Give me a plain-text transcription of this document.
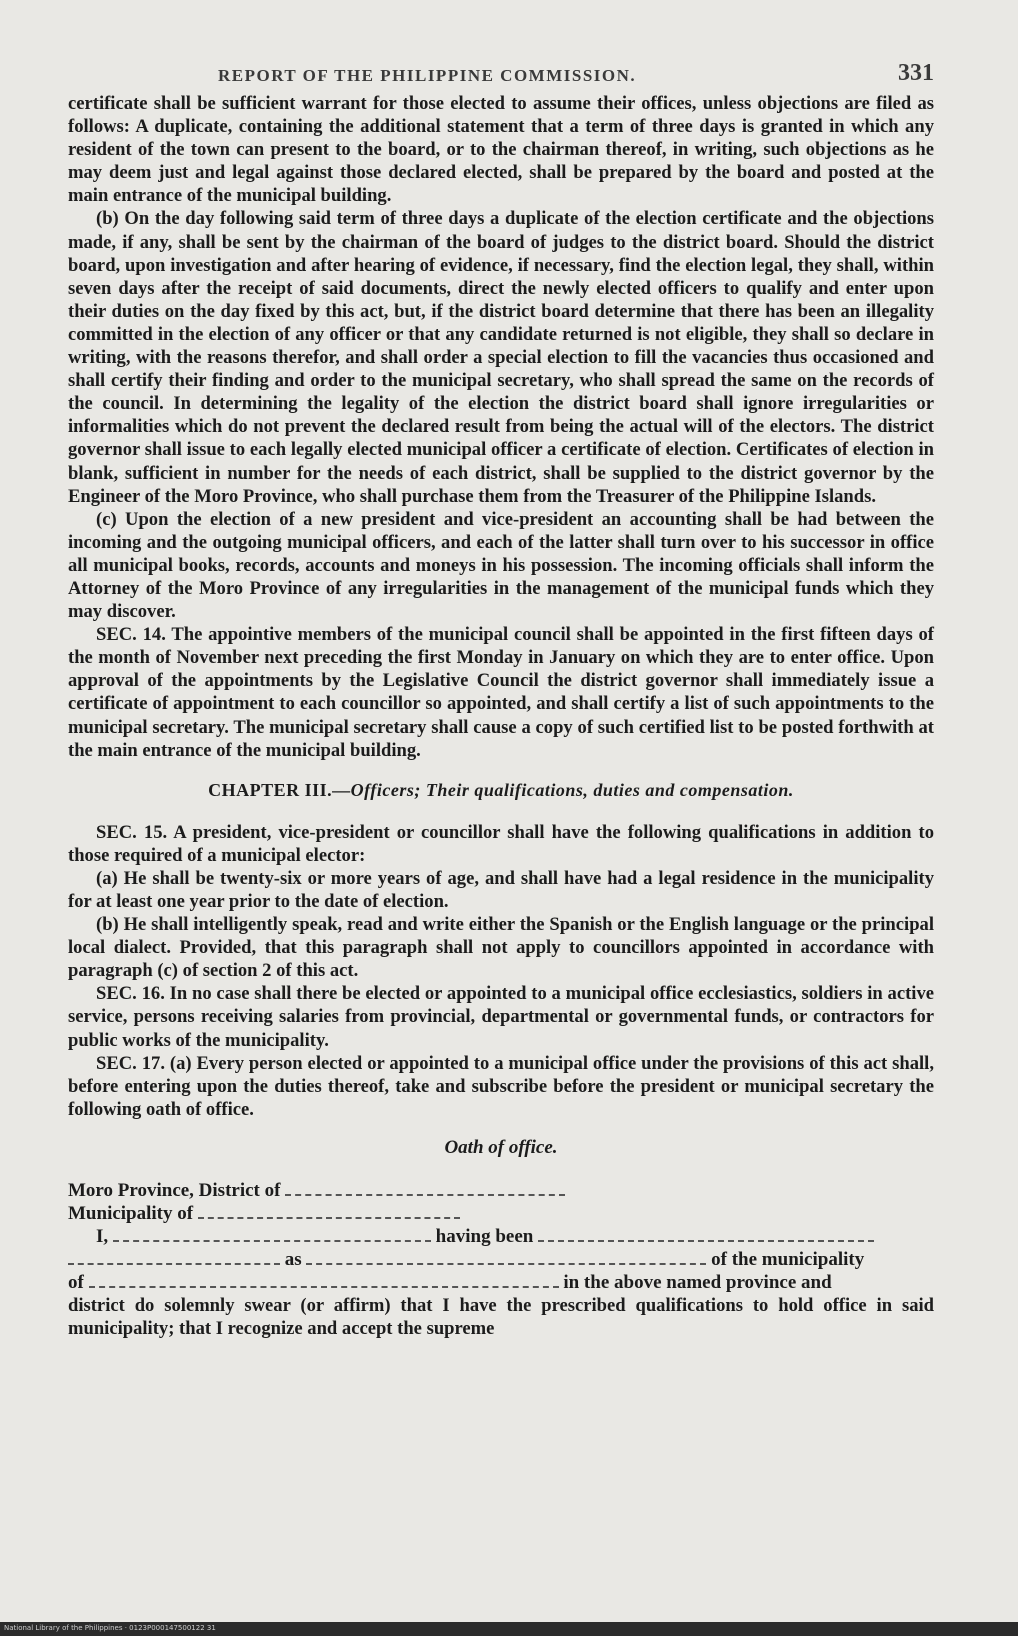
REPORT OF THE PHILIPPINE COMMISSION.	331

certificate shall be sufficient warrant for those elected to assume their offices, unless objections are filed as follows: A duplicate, containing the additional statement that a term of three days is granted in which any resident of the town can present to the board, or to the chairman thereof, in writing, such objections as he may deem just and legal against those declared elected, shall be prepared by the board and posted at the main entrance of the municipal building.

(b) On the day following said term of three days a duplicate of the election certificate and the objections made, if any, shall be sent by the chairman of the board of judges to the district board. Should the district board, upon investigation and after hearing of evidence, if necessary, find the election legal, they shall, within seven days after the receipt of said documents, direct the newly elected officers to qualify and enter upon their duties on the day fixed by this act, but, if the district board determine that there has been an illegality committed in the election of any officer or that any candidate returned is not eligible, they shall so declare in writing, with the reasons therefor, and shall order a special election to fill the vacancies thus occasioned and shall certify their finding and order to the municipal secretary, who shall spread the same on the records of the council. In determining the legality of the election the district board shall ignore irregularities or informalities which do not prevent the declared result from being the actual will of the electors. The district governor shall issue to each legally elected municipal officer a certificate of election. Certificates of election in blank, sufficient in number for the needs of each district, shall be supplied to the district governor by the Engineer of the Moro Province, who shall purchase them from the Treasurer of the Philippine Islands.

(c) Upon the election of a new president and vice-president an accounting shall be had between the incoming and the outgoing municipal officers, and each of the latter shall turn over to his successor in office all municipal books, records, accounts and moneys in his possession. The incoming officials shall inform the Attorney of the Moro Province of any irregularities in the management of the municipal funds which they may discover.

SEC. 14. The appointive members of the municipal council shall be appointed in the first fifteen days of the month of November next preceding the first Monday in January on which they are to enter office. Upon approval of the appointments by the Legislative Council the district governor shall immediately issue a certificate of appointment to each councillor so appointed, and shall certify a list of such appointments to the municipal secretary. The municipal secretary shall cause a copy of such certified list to be posted forthwith at the main entrance of the municipal building.

CHAPTER III.—Officers; Their qualifications, duties and compensation.

SEC. 15. A president, vice-president or councillor shall have the following qualifications in addition to those required of a municipal elector:

(a) He shall be twenty-six or more years of age, and shall have had a legal residence in the municipality for at least one year prior to the date of election.

(b) He shall intelligently speak, read and write either the Spanish or the English language or the principal local dialect. Provided, that this paragraph shall not apply to councillors appointed in accordance with paragraph (c) of section 2 of this act.

SEC. 16. In no case shall there be elected or appointed to a municipal office ecclesiastics, soldiers in active service, persons receiving salaries from provincial, departmental or governmental funds, or contractors for public works of the municipality.

SEC. 17. (a) Every person elected or appointed to a municipal office under the provisions of this act shall, before entering upon the duties thereof, take and subscribe before the president or municipal secretary the following oath of office.

Oath of office.
Moro Province, District of
Municipality of
I,	having been
as	of the municipality
of	in the above named province and

district do solemnly swear (or affirm) that I have the prescribed qualifications to hold office in said municipality; that I recognize and accept the supreme

National Library of the Philippines · 0123P000147500122 31
